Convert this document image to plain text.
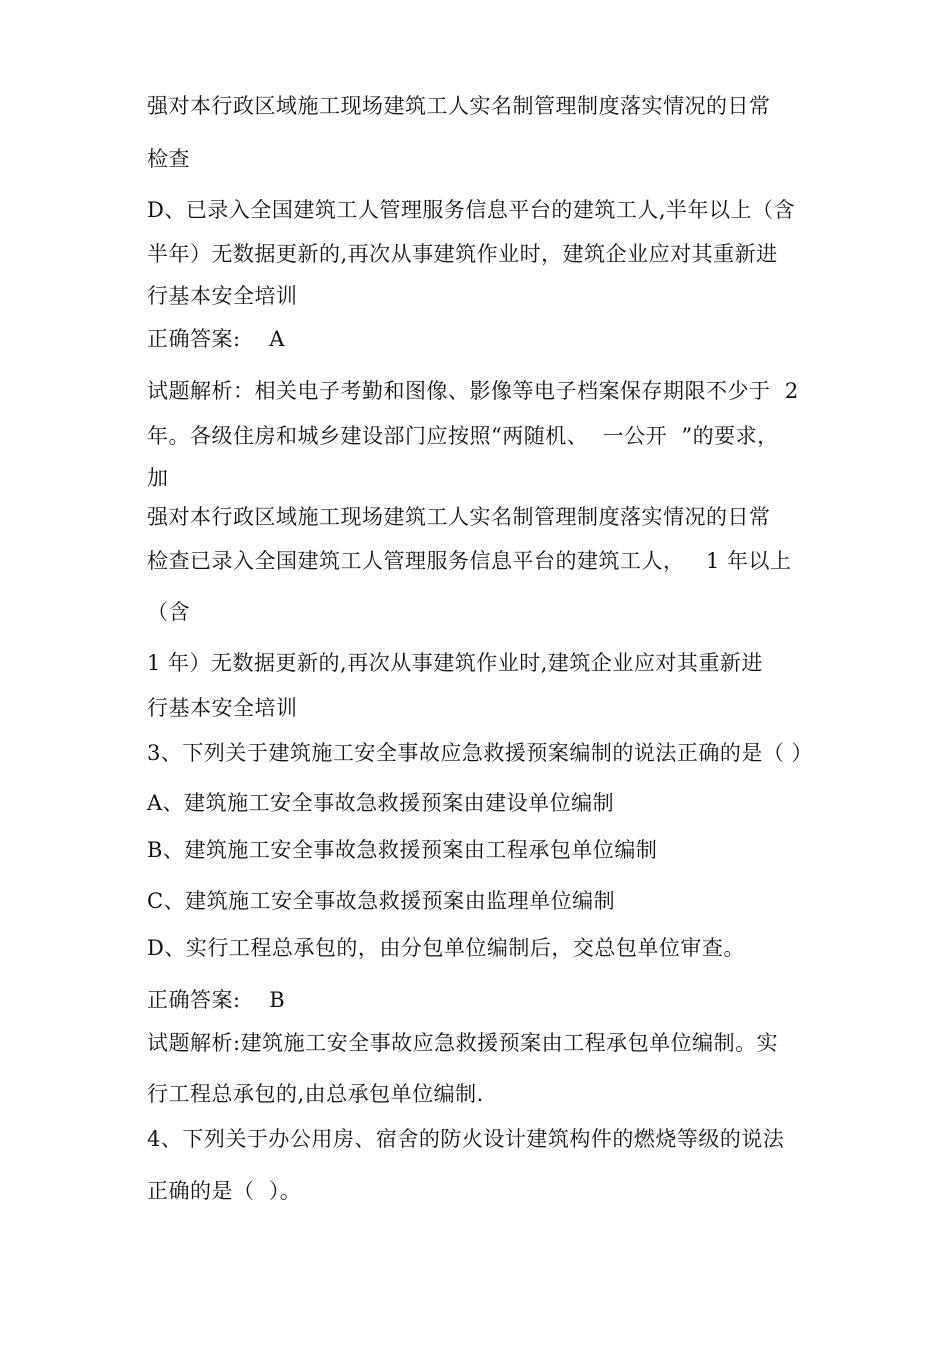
强对本行政区域施工现场建筑工人实名制管理制度落实情况的日常
检查
D、已录入全国建筑工人管理服务信息平台的建筑工人,半年以上（含
半年）无数据更新的,再次从事建筑作业时，建筑企业应对其重新进
行基本安全培训
正确答案:    A
试题解析：相关电子考勤和图像、影像等电子档案保存期限不少于  2
年。各级住房和城乡建设部门应按照“两随机、  一公开  ”的要求，
加
强对本行政区域施工现场建筑工人实名制管理制度落实情况的日常
检查已录入全国建筑工人管理服务信息平台的建筑工人，   1 年以上
（含
1 年）无数据更新的,再次从事建筑作业时,建筑企业应对其重新进
行基本安全培训
3、下列关于建筑施工安全事故应急救援预案编制的说法正确的是（ ）
A、建筑施工安全事故急救援预案由建设单位编制
B、建筑施工安全事故急救援预案由工程承包单位编制
C、建筑施工安全事故急救援预案由监理单位编制
D、实行工程总承包的，由分包单位编制后，交总包单位审查。
正确答案:    B
试题解析:建筑施工安全事故应急救援预案由工程承包单位编制。实
行工程总承包的,由总承包单位编制.
4、下列关于办公用房、宿舍的防火设计建筑构件的燃烧等级的说法
正确的是（  ）。
